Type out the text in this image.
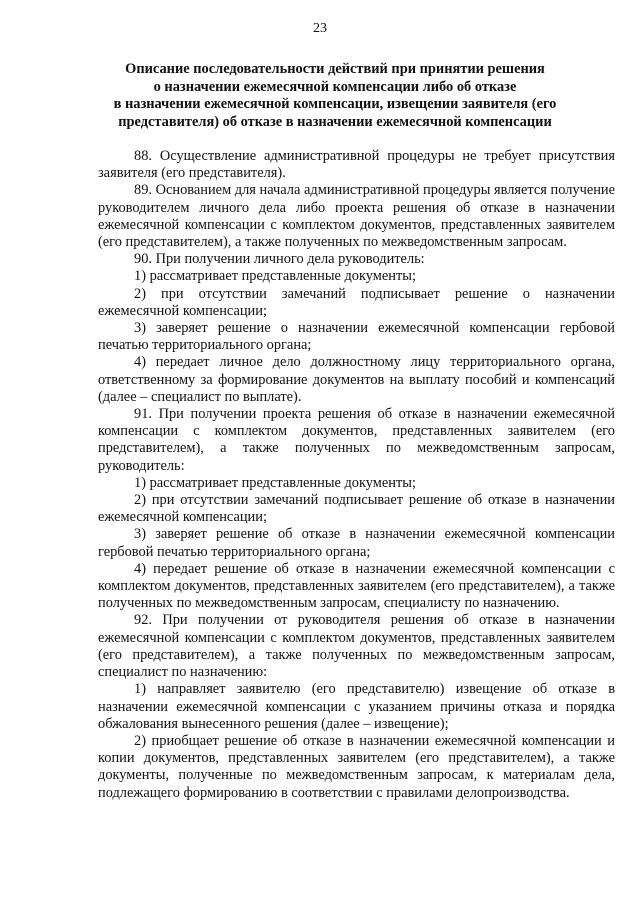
23
Описание последовательности действий при принятии решения
о назначении ежемесячной компенсации либо об отказе
в назначении ежемесячной компенсации, извещении заявителя (его
представителя) об отказе в назначении ежемесячной компенсации

88. Осуществление административной процедуры не требует присутствия заявителя (его представителя).

89. Основанием для начала административной процедуры является получение руководителем личного дела либо проекта решения об отказе в назначении ежемесячной компенсации с комплектом документов, представленных заявителем (его представителем), а также полученных по межведомственным запросам.

90. При получении личного дела руководитель:

1) рассматривает представленные документы;

2) при отсутствии замечаний подписывает решение о назначении ежемесячной компенсации;

3) заверяет решение о назначении ежемесячной компенсации гербовой печатью территориального органа;

4) передает личное дело должностному лицу территориального органа, ответственному за формирование документов на выплату пособий и компенсаций (далее – специалист по выплате).

91. При получении проекта решения об отказе в назначении ежемесячной компенсации с комплектом документов, представленных заявителем (его представителем), а также полученных по межведомственным запросам, руководитель:

1) рассматривает представленные документы;

2) при отсутствии замечаний подписывает решение об отказе в назначении ежемесячной компенсации;

3) заверяет решение об отказе в назначении ежемесячной компенсации гербовой печатью территориального органа;

4) передает решение об отказе в назначении ежемесячной компенсации с комплектом документов, представленных заявителем (его представителем), а также полученных по межведомственным запросам, специалисту по назначению.

92. При получении от руководителя решения об отказе в назначении ежемесячной компенсации с комплектом документов, представленных заявителем (его представителем), а также полученных по межведомственным запросам, специалист по назначению:

1) направляет заявителю (его представителю) извещение об отказе в назначении ежемесячной компенсации с указанием причины отказа и порядка обжалования вынесенного решения (далее – извещение);

2) приобщает решение об отказе в назначении ежемесячной компенсации и копии документов, представленных заявителем (его представителем), а также документы, полученные по межведомственным запросам, к материалам дела, подлежащего формированию в соответствии с правилами делопроизводства.
